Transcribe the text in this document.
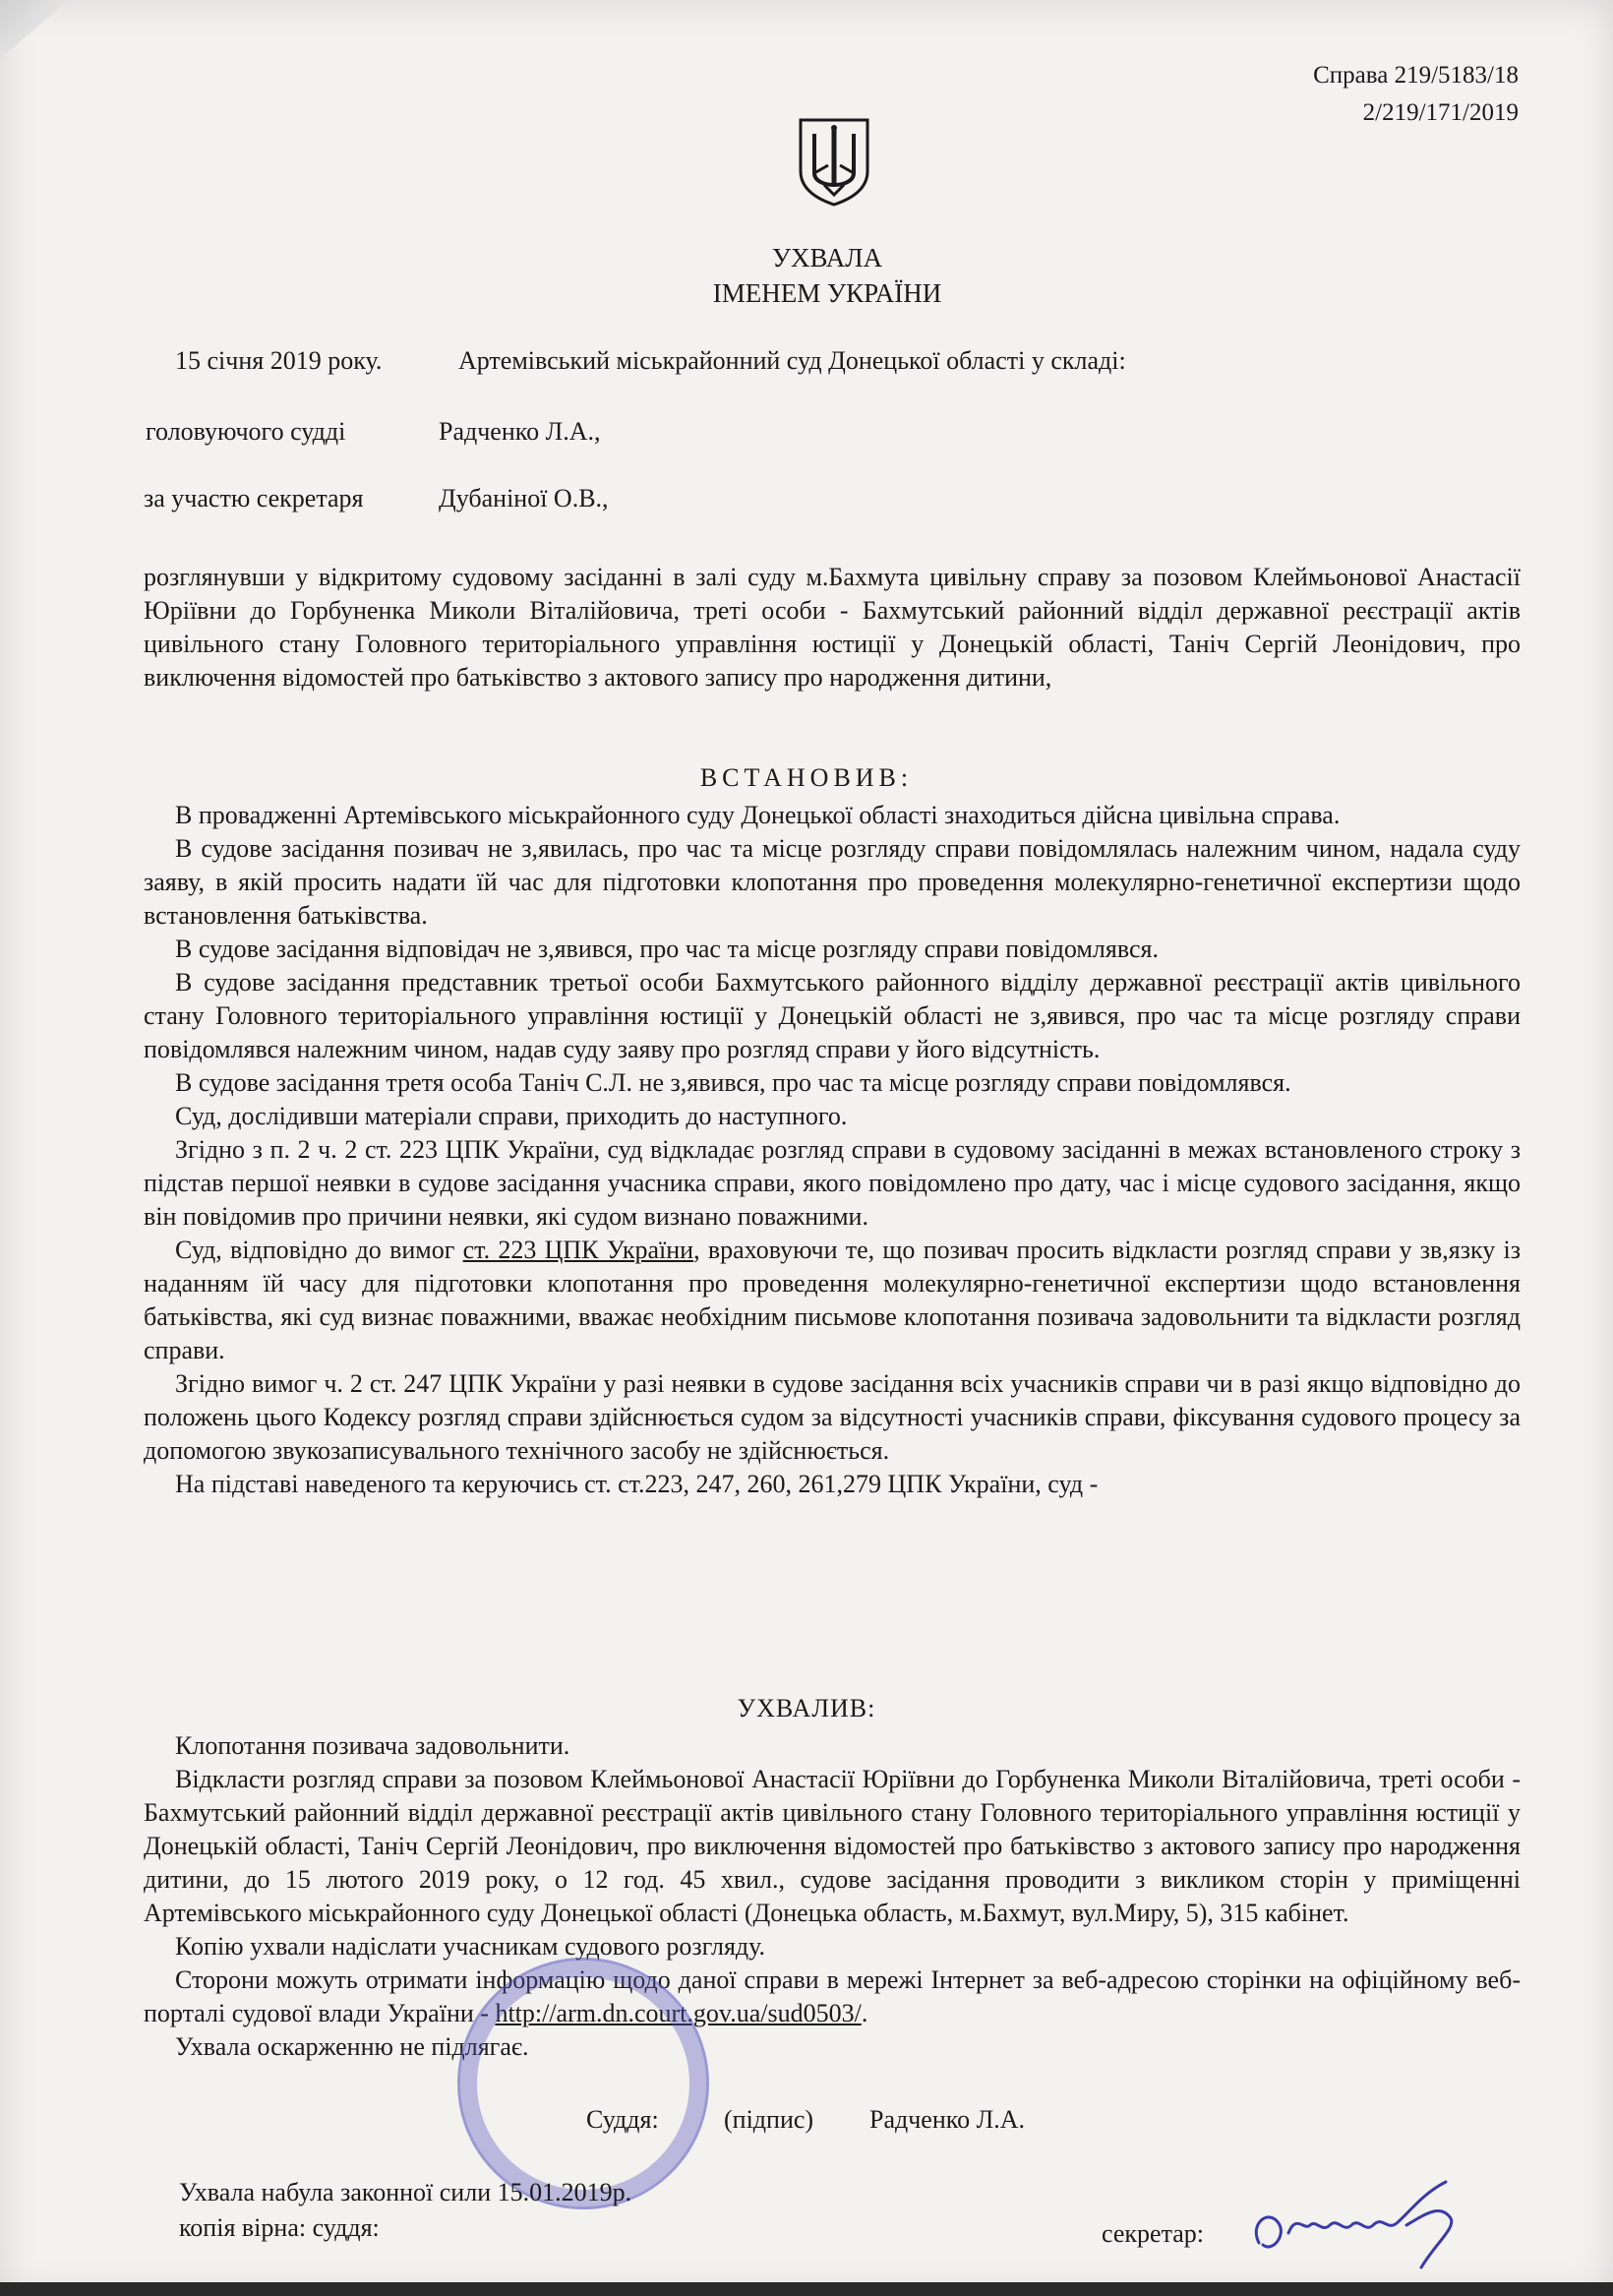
Справа 219/5183/18
2/219/171/2019
УХВАЛА
ІМЕНЕМ УКРАЇНИ
15 січня 2019 року.	Артемівський міськрайонний суд Донецької області у складі:
головуючого судді	Радченко Л.А.,
за участю секретаря	Дубаніної О.В.,

розглянувши у відкритому судовому засіданні в залі суду м.Бахмута цивільну справу за позовом Клеймьонової Анастасії Юріївни до Горбуненка Миколи Віталійовича, треті особи - Бахмутський районний відділ державної реєстрації актів цивільного стану Головного територіального управління юстиції у Донецькій області, Таніч Сергій Леонідович, про виключення відомостей про батьківство з актового запису про народження дитини,

ВСТАНОВИВ:

В провадженні Артемівського міськрайонного суду Донецької області знаходиться дійсна цивільна справа.

В судове засідання позивач не з,явилась, про час та місце розгляду справи повідомлялась належним чином, надала суду заяву, в якій просить надати їй час для підготовки клопотання про проведення молекулярно-генетичної експертизи щодо встановлення батьківства.

В судове засідання відповідач не з,явився, про час та місце розгляду справи повідомлявся.

В судове засідання представник третьої особи Бахмутського районного відділу державної реєстрації актів цивільного стану Головного територіального управління юстиції у Донецькій області не з,явився, про час та місце розгляду справи повідомлявся належним чином, надав суду заяву про розгляд справи у його відсутність.

В судове засідання третя особа Таніч С.Л. не з,явився, про час та місце розгляду справи повідомлявся.

Суд, дослідивши матеріали справи, приходить до наступного.

Згідно з п. 2 ч. 2 ст. 223 ЦПК України, суд відкладає розгляд справи в судовому засіданні в межах встановленого строку з підстав першої неявки в судове засідання учасника справи, якого повідомлено про дату, час і місце судового засідання, якщо він повідомив про причини неявки, які судом визнано поважними.

Суд, відповідно до вимог ст. 223 ЦПК України, враховуючи те, що позивач просить відкласти розгляд справи у зв,язку із наданням їй часу для підготовки клопотання про проведення молекулярно-генетичної експертизи щодо встановлення батьківства, які суд визнає поважними, вважає необхідним письмове клопотання позивача задовольнити та відкласти розгляд справи.

Згідно вимог ч. 2 ст. 247 ЦПК України у разі неявки в судове засідання всіх учасників справи чи в разі якщо відповідно до положень цього Кодексу розгляд справи здійснюється судом за відсутності учасників справи, фіксування судового процесу за допомогою звукозаписувального технічного засобу не здійснюється.

На підставі наведеного та керуючись ст. ст.223, 247, 260, 261,279 ЦПК України, суд -

УХВАЛИВ:

Клопотання позивача задовольнити.

Відкласти розгляд справи за позовом Клеймьонової Анастасії Юріївни до Горбуненка Миколи Віталійовича, треті особи - Бахмутський районний відділ державної реєстрації актів цивільного стану Головного територіального управління юстиції у Донецькій області, Таніч Сергій Леонідович, про виключення відомостей про батьківство з актового запису про народження дитини, до 15 лютого 2019 року, о 12 год. 45 хвил., судове засідання проводити з викликом сторін у приміщенні Артемівського міськрайонного суду Донецької області (Донецька область, м.Бахмут, вул.Миру, 5), 315 кабінет.

Копію ухвали надіслати учасникам судового розгляду.

Сторони можуть отримати інформацію щодо даної справи в мережі Інтернет за веб-адресою сторінки на офіційному веб-порталі судової влади України - http://arm.dn.court.gov.ua/sud0503/.

Ухвала оскарженню не підлягає.

Суддя:	(підпис) Радченко Л.А.
Ухвала набула законної сили 15.01.2019р.
копія вірна: суддя:	секретар:
